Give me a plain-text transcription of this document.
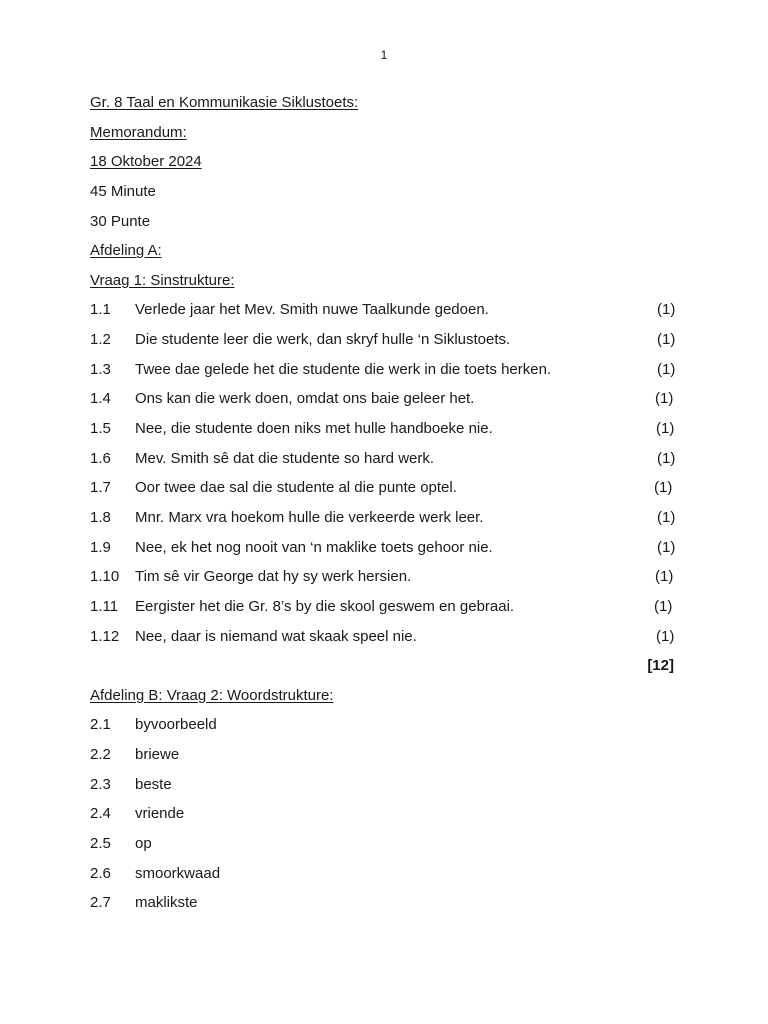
1
Gr. 8 Taal en Kommunikasie Siklustoets:
Memorandum:
18 Oktober 2024
45 Minute
30 Punte
Afdeling A:
Vraag 1: Sinstrukture:
1.1 Verlede jaar het Mev. Smith nuwe Taalkunde gedoen.	(1)
1.2 Die studente leer die werk, dan skryf hulle ‘n Siklustoets.	(1)
1.3 Twee dae gelede het die studente die werk in die toets herken.	(1)
1.4 Ons kan die werk doen, omdat ons baie geleer het.	(1)
1.5 Nee, die studente doen niks met hulle handboeke nie.	(1)
1.6 Mev. Smith sê dat die studente so hard werk.	(1)
1.7 Oor twee dae sal die studente al die punte optel.	(1)
1.8 Mnr. Marx vra hoekom hulle die verkeerde werk leer.	(1)
1.9 Nee, ek het nog nooit van ‘n maklike toets gehoor nie.	(1)
1.10 Tim sê vir George dat hy sy werk hersien.	(1)
1.11 Eergister het die Gr. 8’s by die skool geswem en gebraai.	(1)
1.12 Nee, daar is niemand wat skaak speel nie.	(1)
[12]
Afdeling B: Vraag 2: Woordstrukture:
2.1 byvoorbeeld
2.2 briewe
2.3 beste
2.4 vriende
2.5 op
2.6 smoorkwaad
2.7 maklikste
